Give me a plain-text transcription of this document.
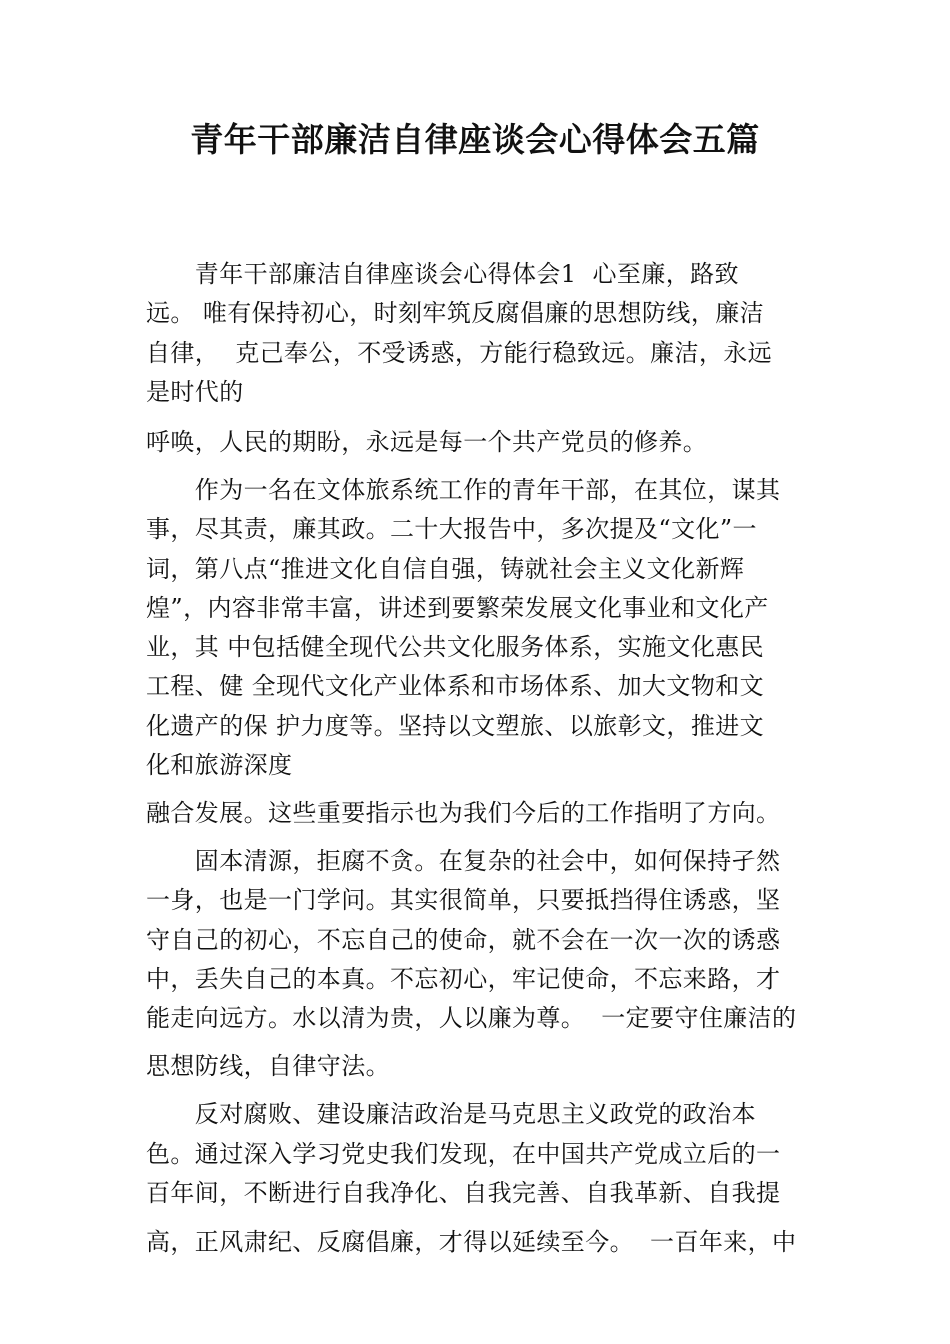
青年干部廉洁自律座谈会心得体会五篇
　　青年干部廉洁自律座谈会心得体会1  心至廉，路致
远。 唯有保持初心，时刻牢筑反腐倡廉的思想防线，廉洁
自律，  克己奉公，不受诱惑，方能行稳致远。廉洁，永远
是时代的
呼唤，人民的期盼，永远是每一个共产党员的修养。
　　作为一名在文体旅系统工作的青年干部，在其位，谋其
事，尽其责，廉其政。二十大报告中，多次提及“文化”一
词，第八点“推进文化自信自强，铸就社会主义文化新辉
煌”，内容非常丰富，讲述到要繁荣发展文化事业和文化产
业，其 中包括健全现代公共文化服务体系，实施文化惠民
工程、健 全现代文化产业体系和市场体系、加大文物和文
化遗产的保 护力度等。坚持以文塑旅、以旅彰文，推进文
化和旅游深度
融合发展。这些重要指示也为我们今后的工作指明了方向。
　　固本清源，拒腐不贪。在复杂的社会中，如何保持孑然
一身，也是一门学问。其实很简单，只要抵挡得住诱惑，坚
守自己的初心，不忘自己的使命，就不会在一次一次的诱惑
中，丢失自己的本真。不忘初心，牢记使命，不忘来路，才
能走向远方。水以清为贵，人以廉为尊。  一定要守住廉洁的
思想防线，自律守法。
　　反对腐败、建设廉洁政治是马克思主义政党的政治本
色。通过深入学习党史我们发现，在中国共产党成立后的一
百年间，不断进行自我净化、自我完善、自我革新、自我提
高，正风肃纪、反腐倡廉，才得以延续至今。  一百年来，中
